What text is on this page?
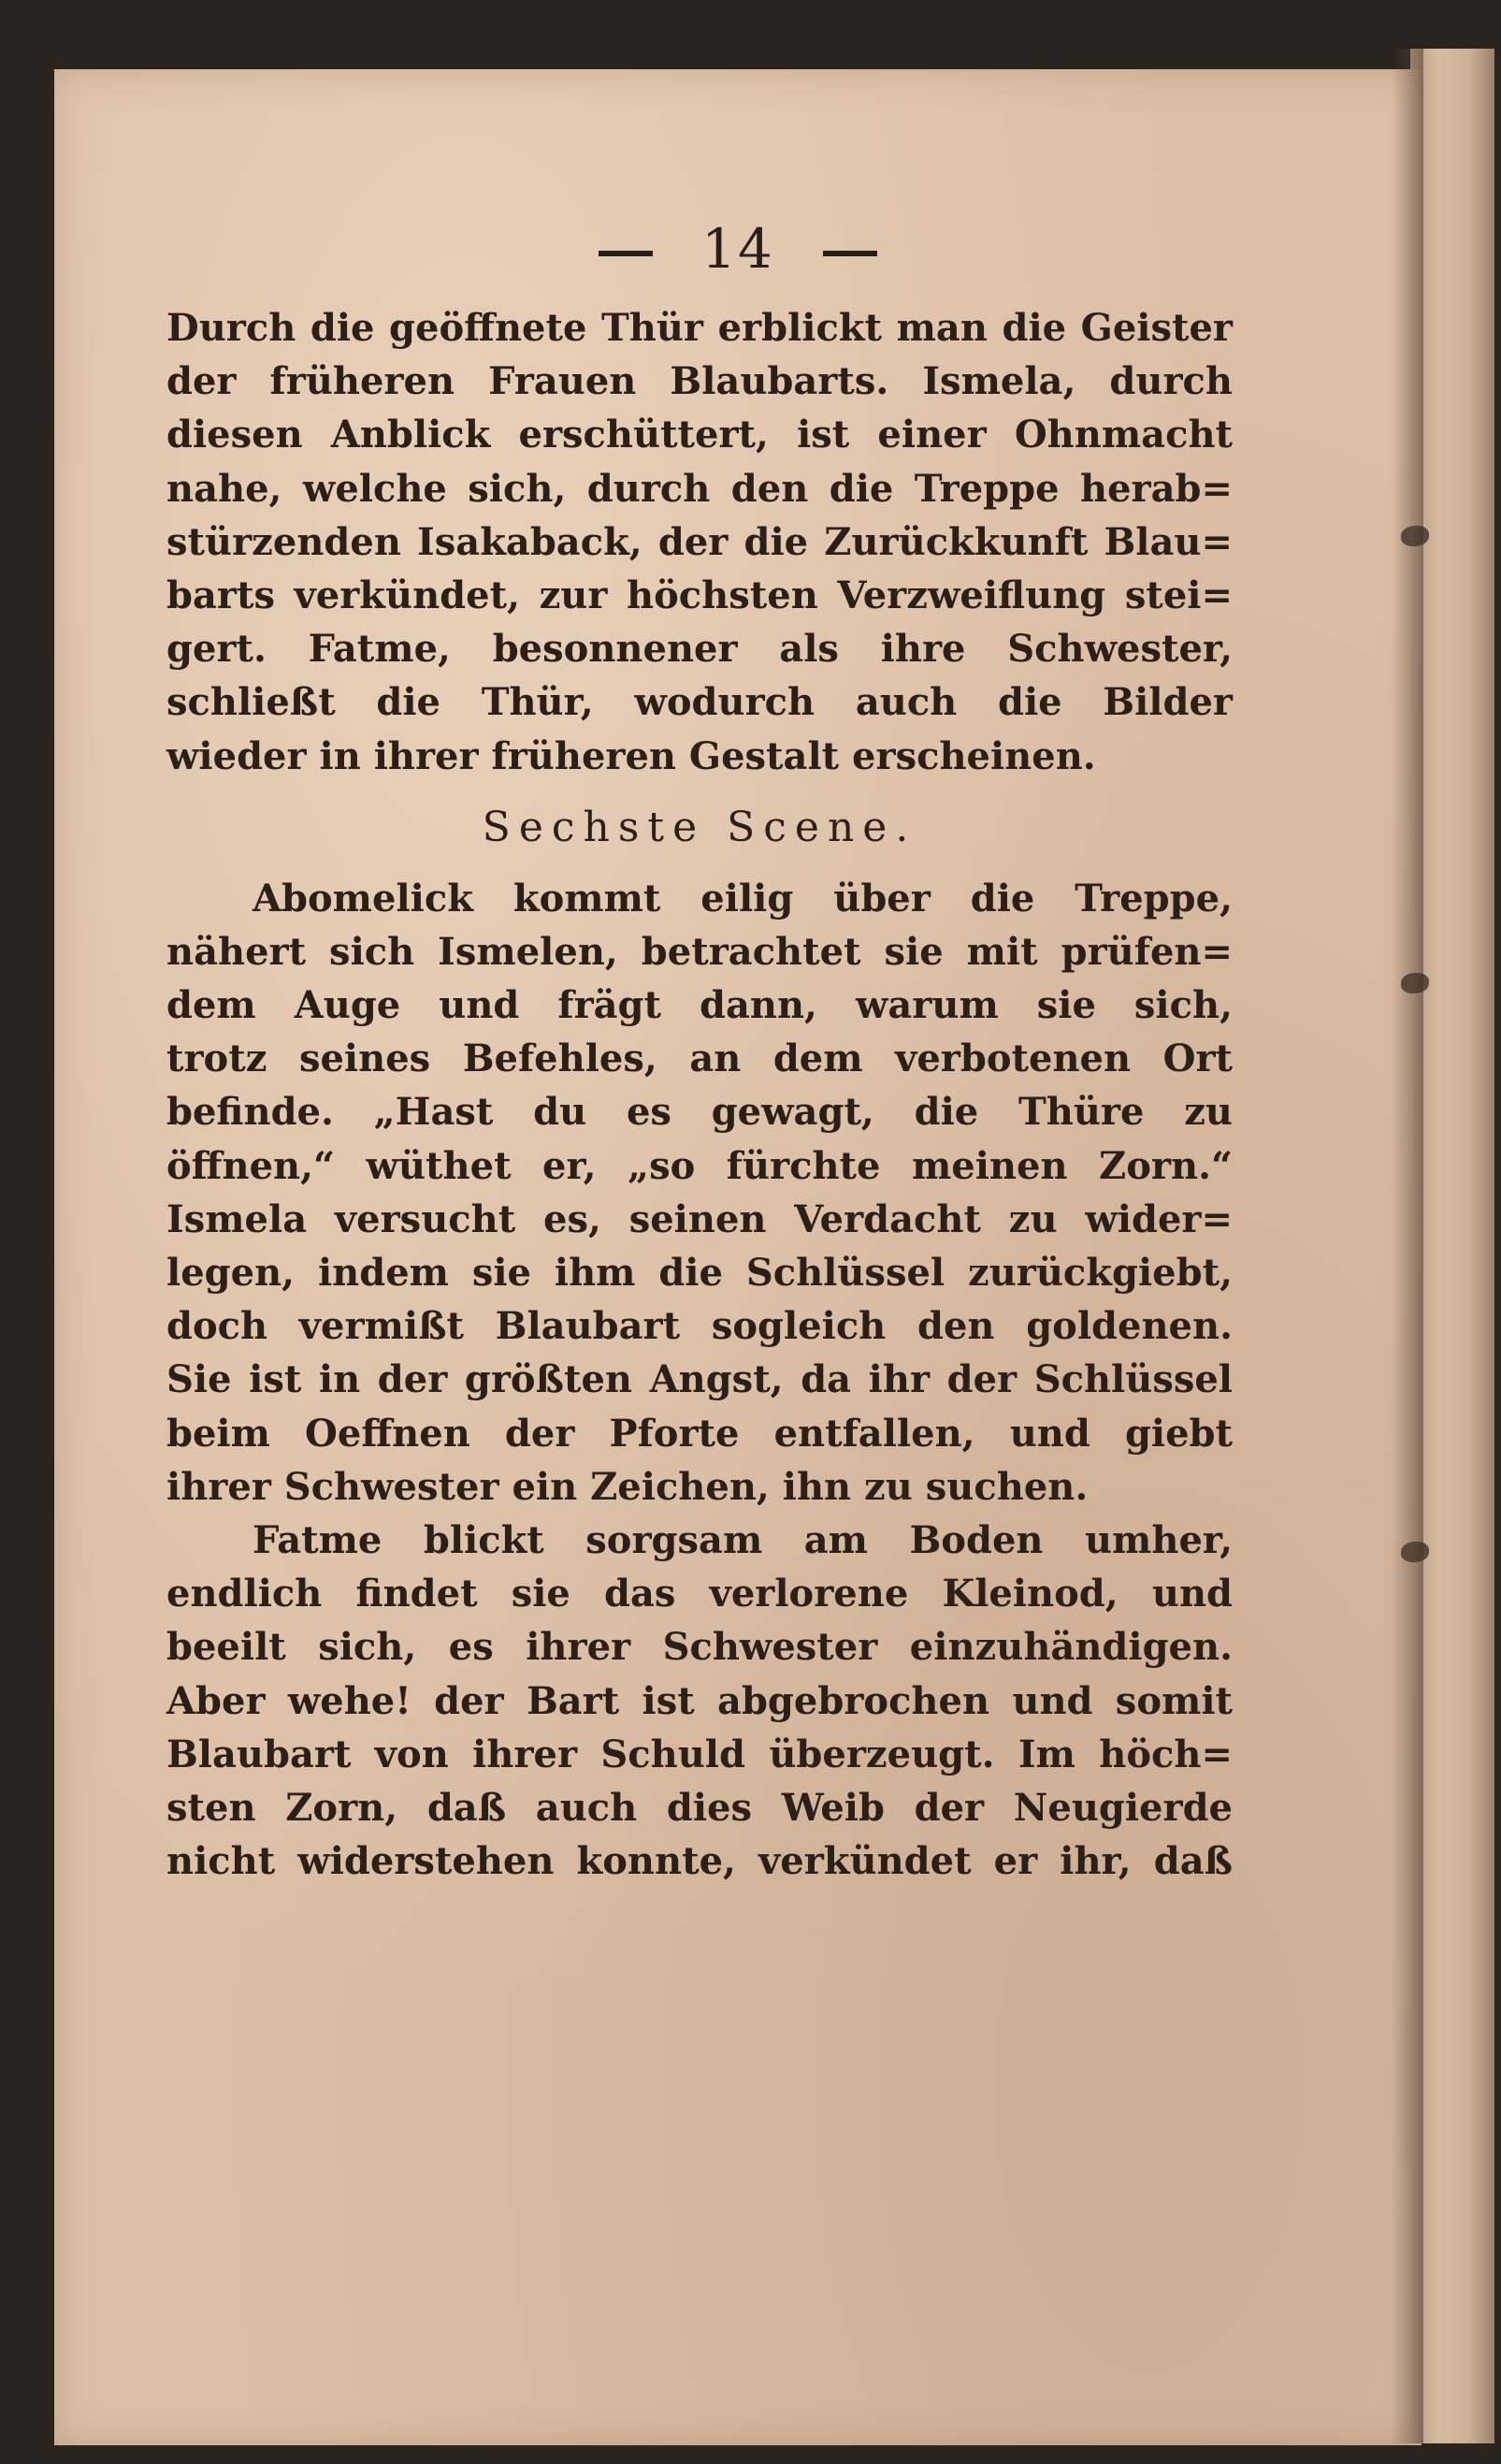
14
Durch die geöffnete Thür erblickt man die Geister
der früheren Frauen Blaubarts. Ismela, durch
diesen Anblick erschüttert, ist einer Ohnmacht
nahe, welche sich, durch den die Treppe herab=
stürzenden Isakaback, der die Zurückkunft Blau=
barts verkündet, zur höchsten Verzweiflung stei=
gert. Fatme, besonnener als ihre Schwester,
schließt die Thür, wodurch auch die Bilder
wieder in ihrer früheren Gestalt erscheinen.
Sechste Scene.
Abomelick kommt eilig über die Treppe,
nähert sich Ismelen, betrachtet sie mit prüfen=
dem Auge und frägt dann, warum sie sich,
trotz seines Befehles, an dem verbotenen Ort
befinde. „Hast du es gewagt, die Thüre zu
öffnen,“ wüthet er, „so fürchte meinen Zorn.“
Ismela versucht es, seinen Verdacht zu wider=
legen, indem sie ihm die Schlüssel zurückgiebt,
doch vermißt Blaubart sogleich den goldenen.
Sie ist in der größten Angst, da ihr der Schlüssel
beim Oeffnen der Pforte entfallen, und giebt
ihrer Schwester ein Zeichen, ihn zu suchen.
Fatme blickt sorgsam am Boden umher,
endlich findet sie das verlorene Kleinod, und
beeilt sich, es ihrer Schwester einzuhändigen.
Aber wehe! der Bart ist abgebrochen und somit
Blaubart von ihrer Schuld überzeugt. Im höch=
sten Zorn, daß auch dies Weib der Neugierde
nicht widerstehen konnte, verkündet er ihr, daß
